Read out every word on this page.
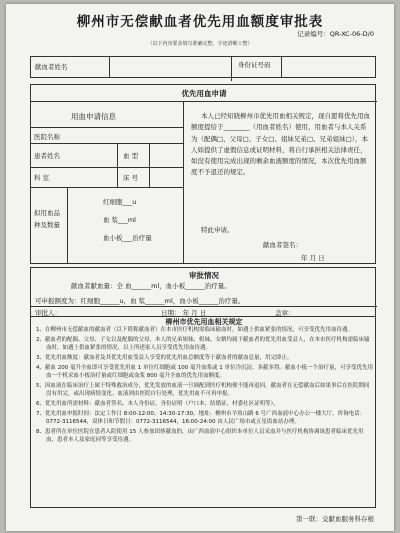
柳州市无偿献血者优先用血额度审批表
记录编号：QR-XC-06-D/0
（以下内容要求填写准确完整，字迹清晰工整）
献血者姓名	身份证号码
优先用血申请
用血申请信息
医院名称
患者姓名	血 型
科 室	床 号
拟用血品种及数量
红细胞___u
血 浆___ml
血小板___治疗量
本人已经知晓柳州市优先用血相关规定，现自愿将优先用血额度提给于________（用血者姓名）使用，用血者与本人关系为（配偶□、父母□、子女□、姐妹兄弟□、兄弟姐妹□），本人如提供了虚假信息或证明材料，将自行承担相关法律责任，如没有使用完成出现的剩余血液额度的情况，本次优先用血额度不予退还的规定。
特此申请。
献血者签名：
年 月 日
审批情况
献血者献血量：全 血______ml，血小板______治疗量。
可申报额度为：红细胞______u，血 浆______ml，血小板______治疗量。
审批人：	日期： 年 月 日	盖章：
柳州市优先用血相关规定

1、在柳州市无偿献血的献血者（以下简称献血者）在本市医疗机构需临床输血时，如遇上供血紧张的情况，可享受优先用血待遇。

2、献血者的配偶、父母、子女以及配偶的父母、本人的兄弟姐妹、姐妹、女婿均属于献血者的优先用血受益人，在本市医疗机构需临床输血时，如遇上供血紧张的情况，以上所述家人员享受优先用血待遇。

3、优先用血额度：献血者及其优先用血受益人享受的优先用血总额度等于献血者的献血总量，用完即止。

4、献血 200 毫升全血即可享受优先用血 1 单位红细胞或 100 毫升血浆或 1 单位冷沉淀、多献多得。献血小板一个治疗量，可享受优先用血一个机采血小板治疗量或红细胞或血浆 800 毫升全血的优先用血额度。

5、因血液在临床治疗上属于特殊救治成分，优先发放的血液一旦调配到医疗机构便不能再退回，献血者在无偿献血后如果事后在医院期间没有用完，或出现病情变化、血液则由医院自行处理，优先用血不可再申报。

6、优先用血所需材料：献血者签名、本人身份证、身份证明（户口本、结婚证、村委社区证明等）。

7、优先用血申报时间：法定工作日 8:00-12:00、14:30-17:30。地址：柳州市羊角山路 6 号广西血液中心办公一楼大厅。咨询电话：0772-3116544，双休日和节假日：0772-3116544，16:00-24:00 由人民广场市或五星街血站办理。

8、患者所在单位医院在患者入院使用 15 人参加团体献血的，由广西血液中心组织本单位人员采血并与医疗机构协调该患者临床优先用血，患者本人及家庭同等享受待遇。

第一联：交献血服务科存根
